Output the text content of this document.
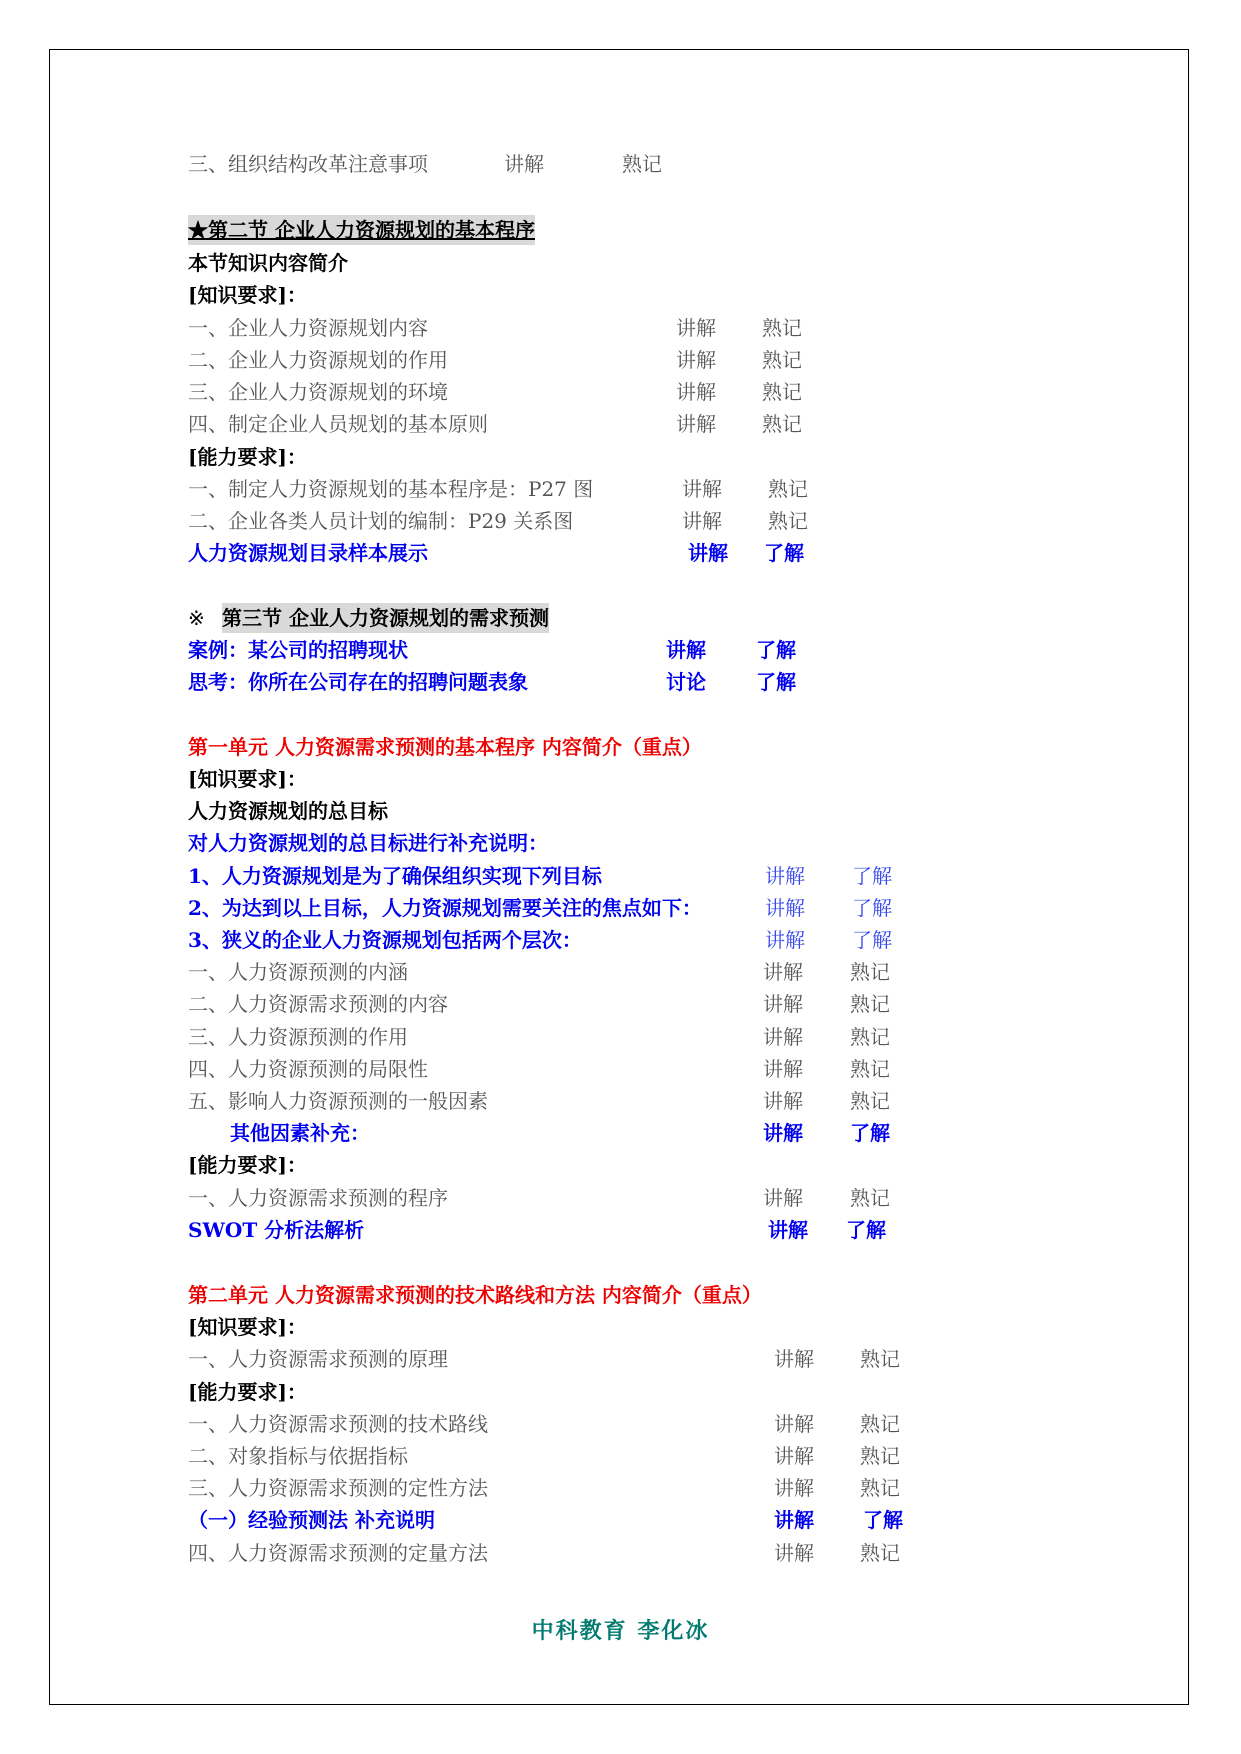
三、组织结构改革注意事项	讲解	熟记
★第二节 企业人力资源规划的基本程序
本节知识内容简介
[知识要求]：
一、企业人力资源规划内容	讲解 熟记
二、企业人力资源规划的作用	讲解 熟记
三、企业人力资源规划的环境	讲解 熟记
四、制定企业人员规划的基本原则	讲解 熟记
[能力要求]：
一、制定人力资源规划的基本程序是：P27 图	讲解 熟记
二、企业各类人员计划的编制：P29 关系图	讲解 熟记
人力资源规划目录样本展示	讲解 了解
※ 第三节 企业人力资源规划的需求预测
案例：某公司的招聘现状	讲解	了解
思考：你所在公司存在的招聘问题表象	讨论	了解
第一单元 人力资源需求预测的基本程序 内容简介（重点）
[知识要求]：
人力资源规划的总目标
对人力资源规划的总目标进行补充说明：
1、人力资源规划是为了确保组织实现下列目标	讲解 了解
2、为达到以上目标，人力资源规划需要关注的焦点如下：	讲解 了解
3、狭义的企业人力资源规划包括两个层次：	讲解 了解
一、人力资源预测的内涵	讲解 熟记
二、人力资源需求预测的内容	讲解 熟记
三、人力资源预测的作用	讲解 熟记
四、人力资源预测的局限性	讲解 熟记
五、影响人力资源预测的一般因素	讲解 熟记
其他因素补充：	讲解 了解
[能力要求]：
一、人力资源需求预测的程序	讲解 熟记
SWOT 分析法解析	讲解 了解
第二单元 人力资源需求预测的技术路线和方法 内容简介（重点）
[知识要求]：
一、人力资源需求预测的原理	讲解 熟记
[能力要求]：
一、人力资源需求预测的技术路线	讲解 熟记
二、对象指标与依据指标	讲解 熟记
三、人力资源需求预测的定性方法	讲解 熟记
（一）经验预测法 补充说明	讲解 了解
四、人力资源需求预测的定量方法	讲解 熟记
中科教育 李化冰
